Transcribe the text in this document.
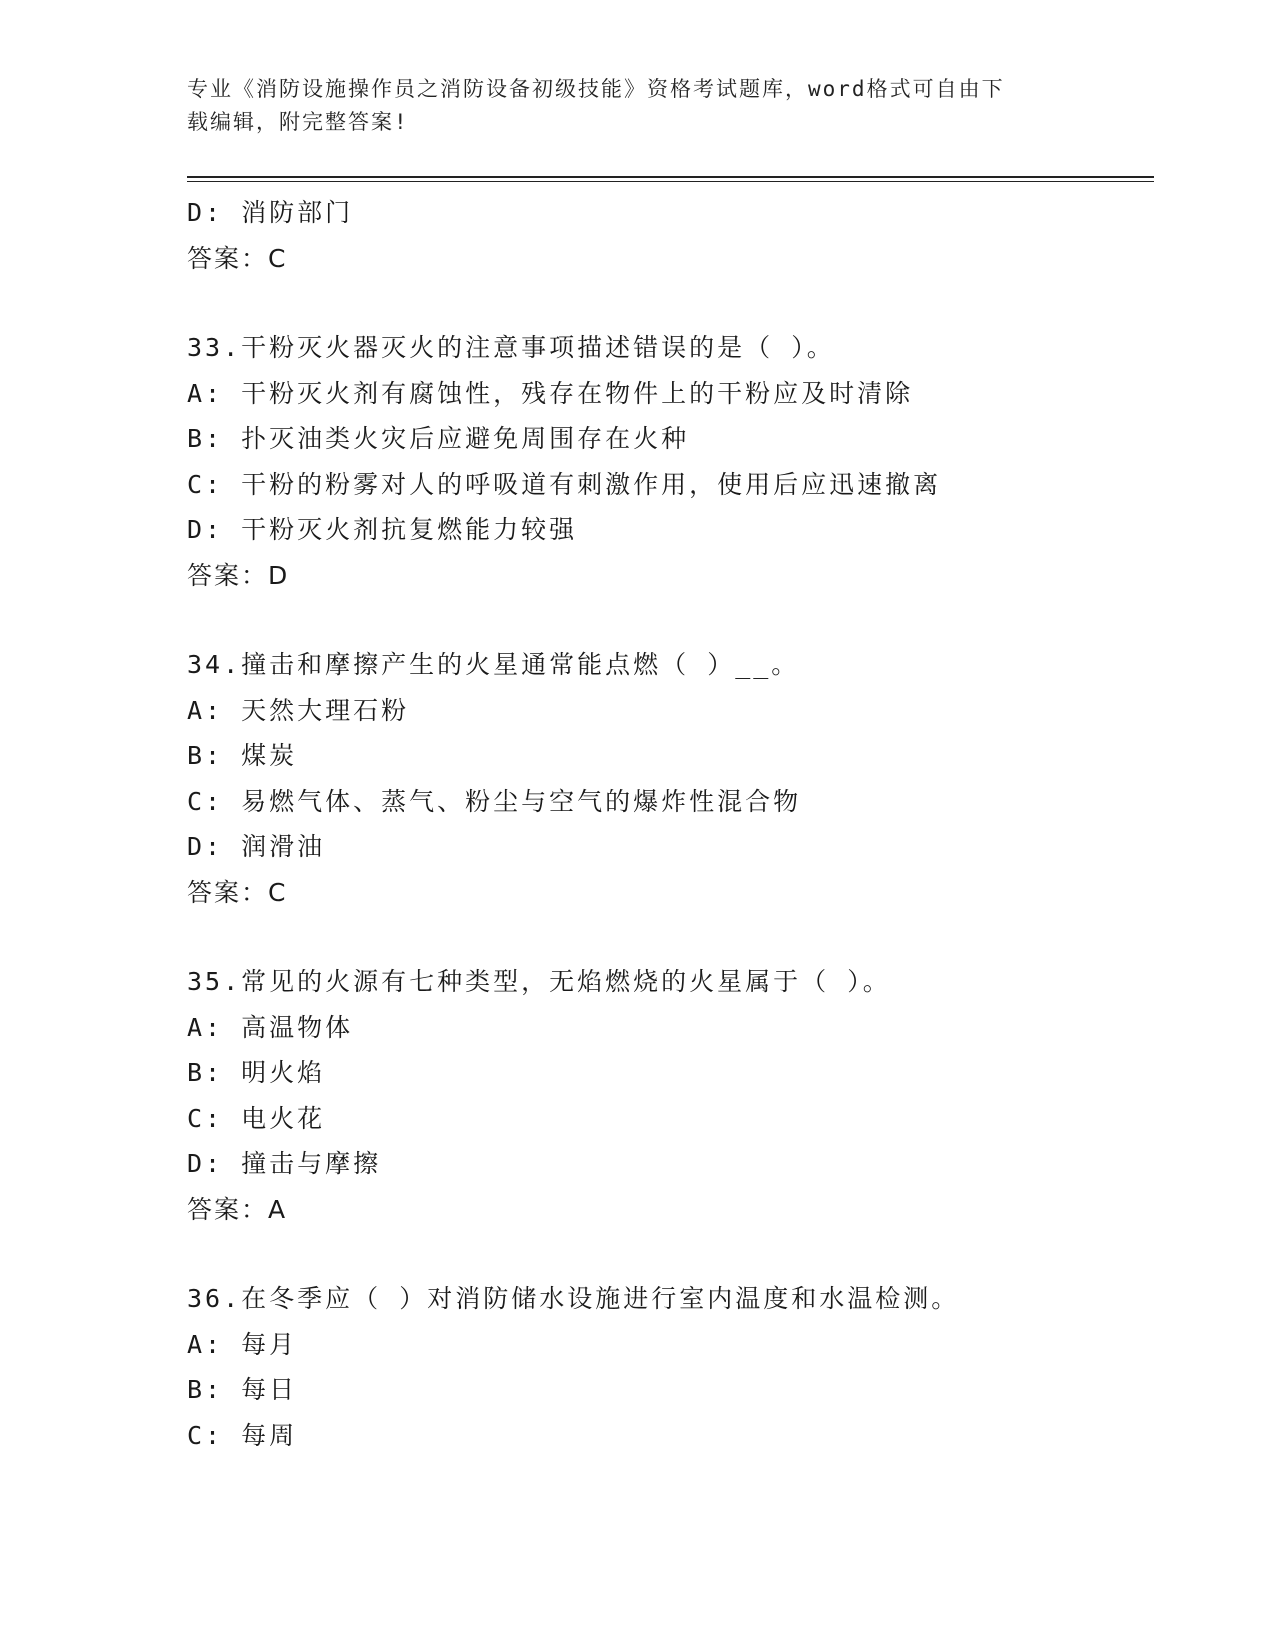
专业《消防设施操作员之消防设备初级技能》资格考试题库，word格式可自由下
载编辑，附完整答案!
D: 消防部门
答案：C
33.干粉灭火器灭火的注意事项描述错误的是（ ）。
A: 干粉灭火剂有腐蚀性，残存在物件上的干粉应及时清除
B: 扑灭油类火灾后应避免周围存在火种
C: 干粉的粉雾对人的呼吸道有刺激作用，使用后应迅速撤离
D: 干粉灭火剂抗复燃能力较强
答案：D
34.撞击和摩擦产生的火星通常能点燃（ ）__。
A: 天然大理石粉
B: 煤炭
C: 易燃气体、蒸气、粉尘与空气的爆炸性混合物
D: 润滑油
答案：C
35.常见的火源有七种类型，无焰燃烧的火星属于（ ）。
A: 高温物体
B: 明火焰
C: 电火花
D: 撞击与摩擦
答案：A
36.在冬季应（ ）对消防储水设施进行室内温度和水温检测。
A: 每月
B: 每日
C: 每周
